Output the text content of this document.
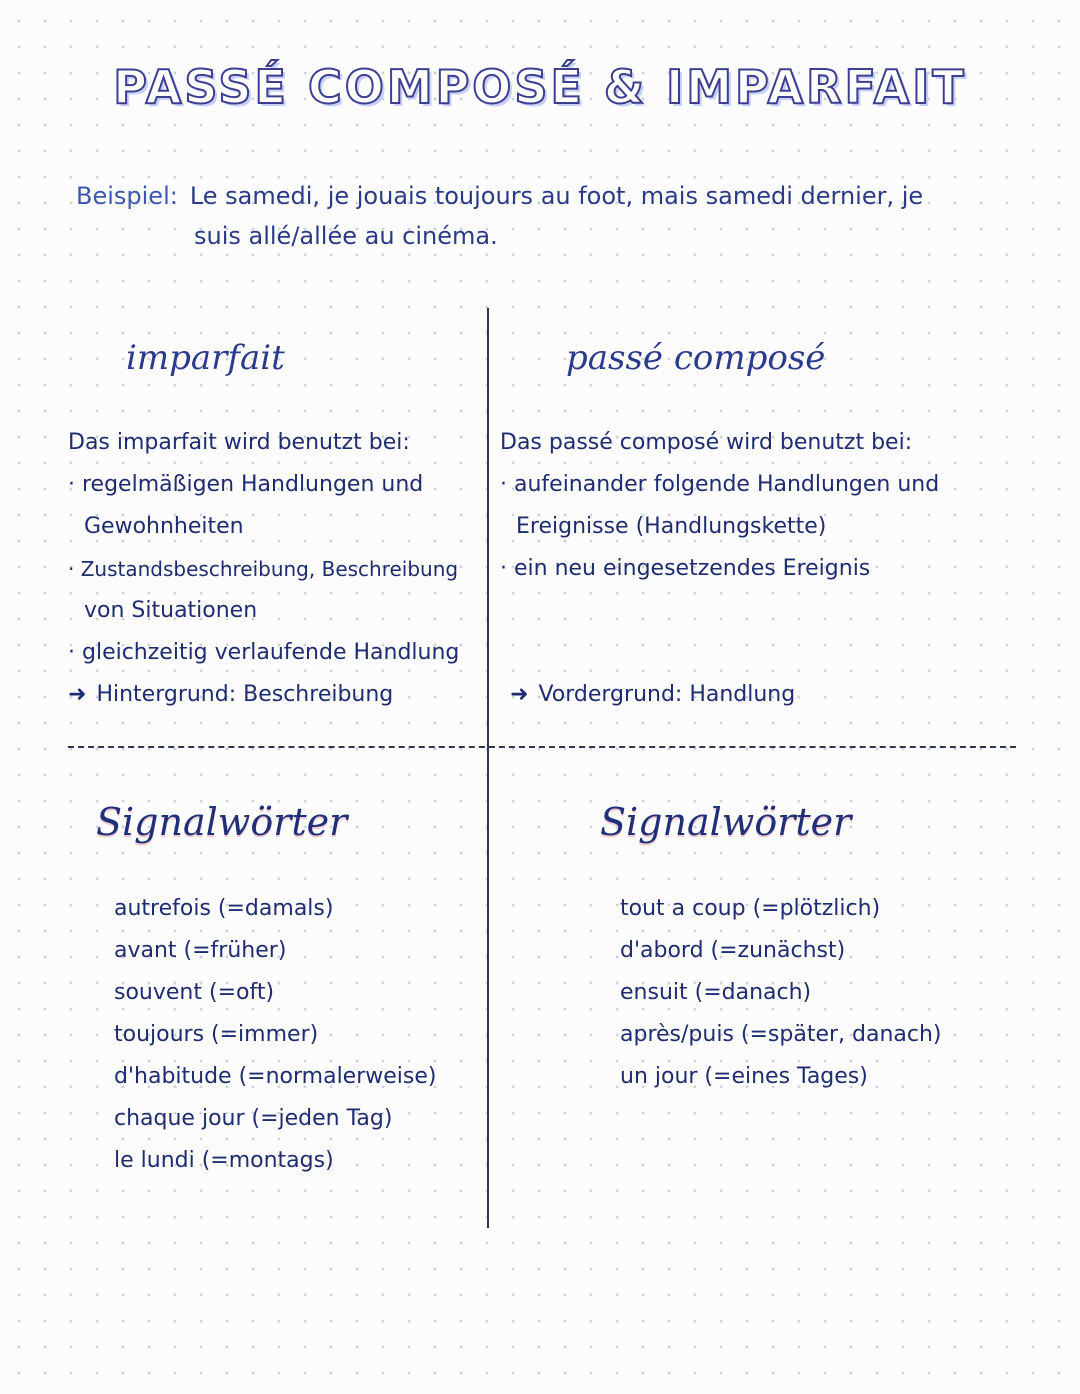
PASSÉ COMPOSÉ & IMPARFAIT
Beispiel: Le samedi, je jouais toujours au foot, mais samedi dernier, je
suis allé/allée au cinéma.
imparfait
Das imparfait wird benutzt bei:
· regelmäßigen Handlungen und
Gewohnheiten
· Zustandsbeschreibung, Beschreibung
von Situationen
· gleichzeitig verlaufende Handlung
➜ Hintergrund: Beschreibung
Signalwörter
autrefois (=damals)
avant (=früher)
souvent (=oft)
toujours (=immer)
d'habitude (=normalerweise)
chaque jour (=jeden Tag)
le lundi (=montags)
passé composé
Das passé composé wird benutzt bei:
· aufeinander folgende Handlungen und
Ereignisse (Handlungskette)
· ein neu eingesetzendes Ereignis

➜ Vordergrund: Handlung
Signalwörter
tout a coup (=plötzlich)
d'abord (=zunächst)
ensuit (=danach)
après/puis (=später, danach)
un jour (=eines Tages)
